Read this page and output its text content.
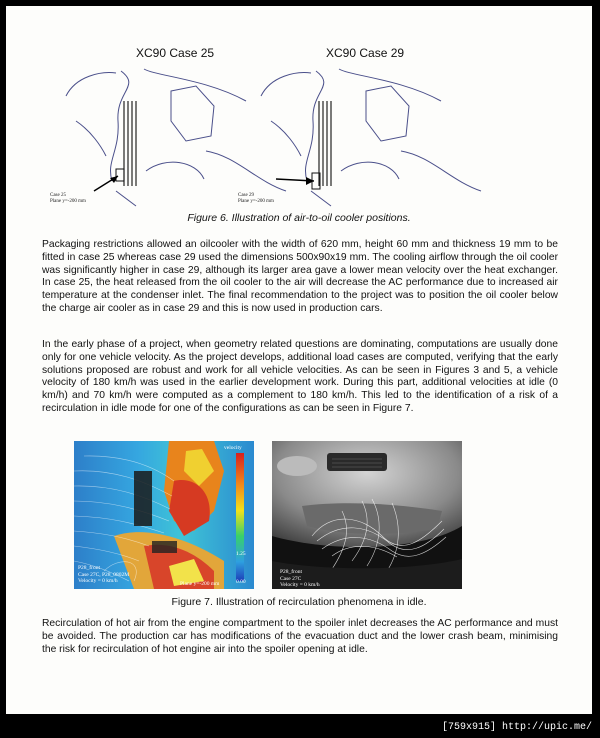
XC90 Case 25	XC90 Case 29
Case 25
Plane y=-200 mm
Case 29
Plane y=-200 mm
Figure 6. Illustration of air-to-oil cooler positions.

Packaging restrictions allowed an oilcooler with the width of 620 mm, height 60 mm and thickness 19 mm to be fitted in case 25 whereas case 29 used the dimensions 500x90x19 mm. The cooling airflow through the oil cooler was significantly higher in case 29, although its larger area gave a lower mean velocity over the heat exchanger. In case 25, the heat released from the oil cooler to the air will decrease the AC performance due to increased air temperature at the condenser inlet. The final recommendation to the project was to position the oil cooler below the charge air cooler as in case 29 and this is now used in production cars.

In the early phase of a project, when geometry related questions are dominating, computations are usually done only for one vehicle velocity. As the project develops, additional load cases are computed, verifying that the early solutions proposed are robust and work for all vehicle velocities. As can be seen in Figures 3 and 5, a vehicle velocity of 180 km/h was used in the earlier development work. During this part, additional velocities at idle (0 km/h) and 70 km/h were computed as a complement to 180 km/h. This led to the identification of a risk of a recirculation in idle mode for one of the configurations as can be seen in Figure 7.

velocity
1.25
0.00
P28_front
Case 27C, P28_0802M
Velocity = 0 km/h	Plane y=-200 mm
P28_front
Case 27C
Velocity = 0 km/h
Figure 7. Illustration of recirculation phenomena in idle.

Recirculation of hot air from the engine compartment to the spoiler inlet decreases the AC performance and must be avoided. The production car has modifications of the evacuation duct and the lower crash beam, minimising the risk for recirculation of hot engine air into the spoiler opening at idle.

[759x915] http://upic.me/
